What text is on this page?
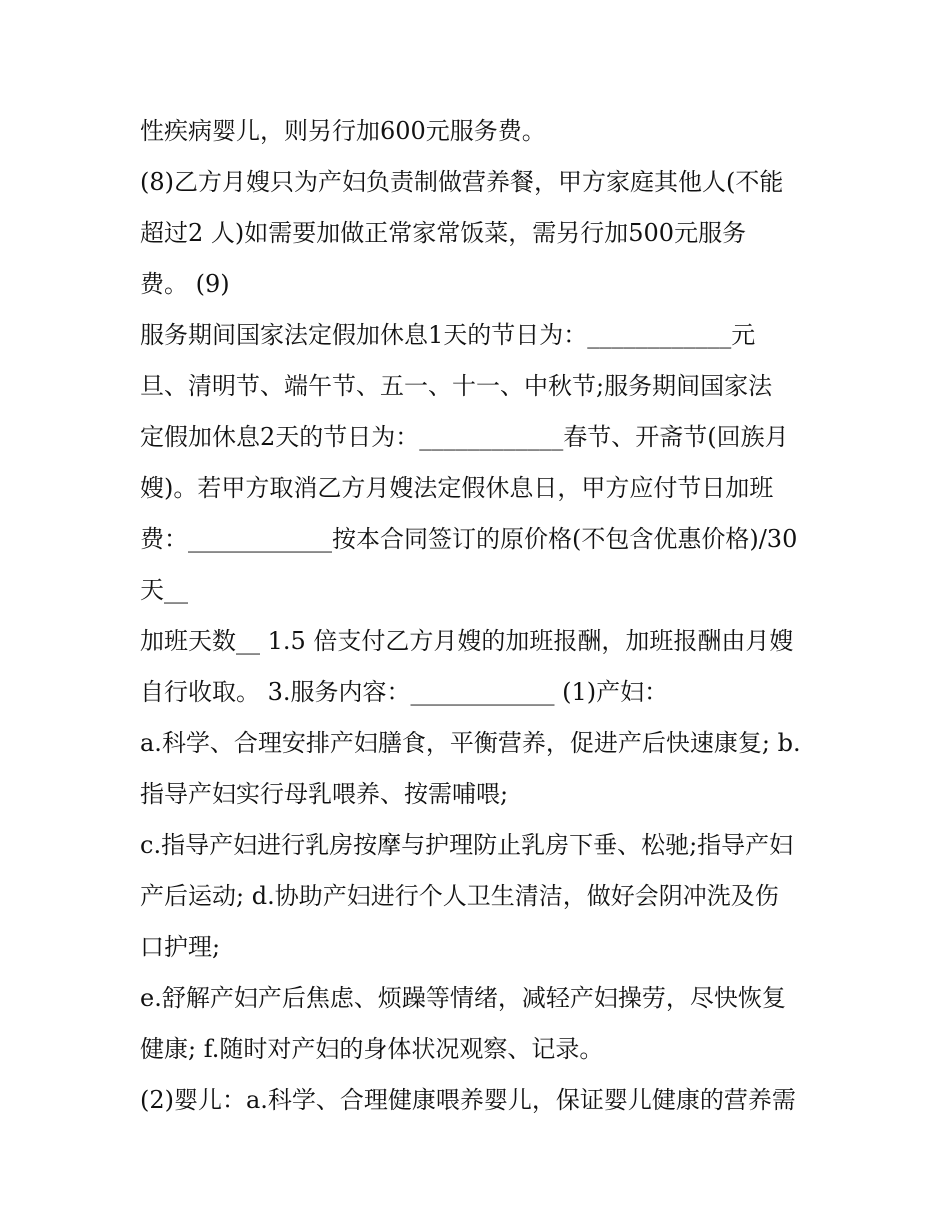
性疾病婴儿，则另行加600元服务费。
(8)乙方月嫂只为产妇负责制做营养餐，甲方家庭其他人(不能
超过2 人)如需要加做正常家常饭菜，需另行加500元服务
费。 (9)
服务期间国家法定假加休息1天的节日为：____________元
旦、清明节、端午节、五一、十一、中秋节;服务期间国家法
定假加休息2天的节日为：____________春节、开斋节(回族月
嫂)。若甲方取消乙方月嫂法定假休息日，甲方应付节日加班
费：____________按本合同签订的原价格(不包含优惠价格)/30
天__
加班天数__ 1.5 倍支付乙方月嫂的加班报酬，加班报酬由月嫂
自行收取。 3.服务内容：____________ (1)产妇：
a.科学、合理安排产妇膳食，平衡营养，促进产后快速康复; b.
指导产妇实行母乳喂养、按需哺喂;
c.指导产妇进行乳房按摩与护理防止乳房下垂、松驰;指导产妇
产后运动; d.协助产妇进行个人卫生清洁，做好会阴冲洗及伤
口护理;
e.舒解产妇产后焦虑、烦躁等情绪，减轻产妇操劳，尽快恢复
健康; f.随时对产妇的身体状况观察、记录。
(2)婴儿：a.科学、合理健康喂养婴儿，保证婴儿健康的营养需
